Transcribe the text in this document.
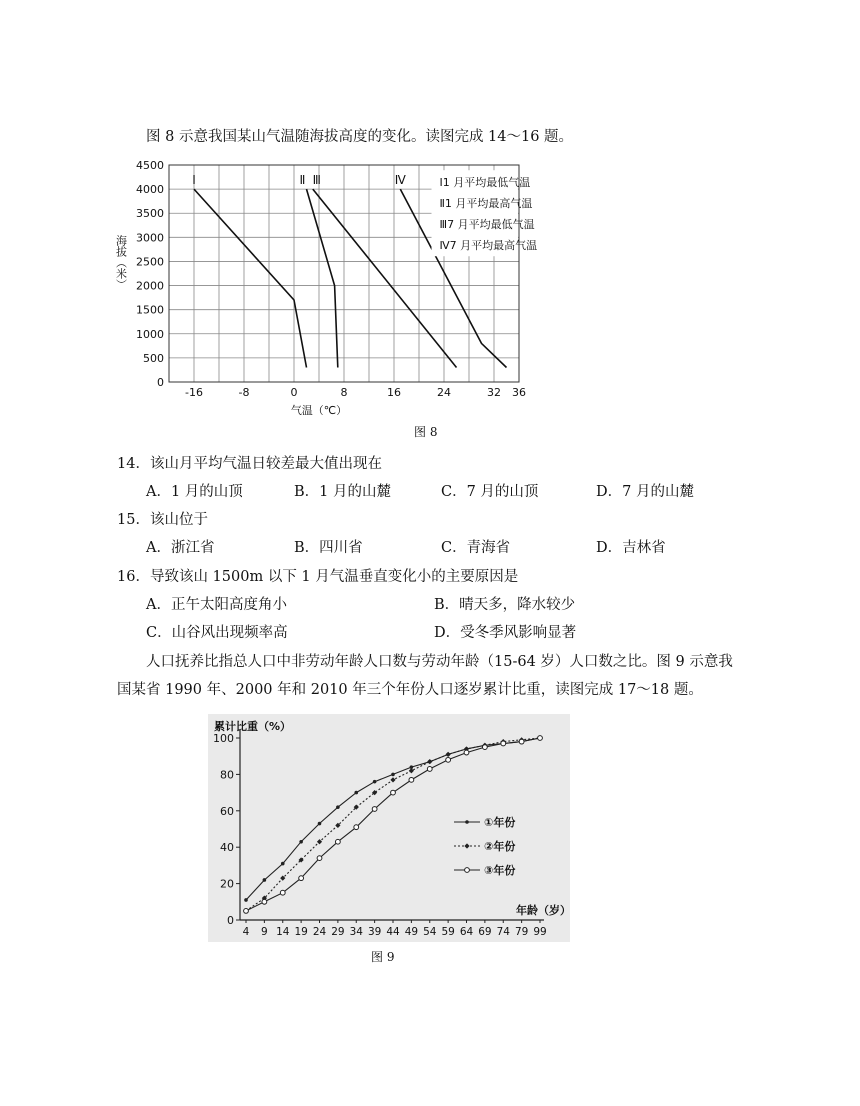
图 8 示意我国某山气温随海拔高度的变化。读图完成 14～16 题。
0
500
1000
1500
2000
2500
3000
3500
4000
4500
-16	-8	0	8	16	24	32 36
气温（℃）
海拔（米）
Ⅰ	Ⅱ Ⅲ	Ⅳ	Ⅰ1 月平均最低气温
Ⅱ1 月平均最高气温
Ⅲ7 月平均最低气温
Ⅳ7 月平均最高气温
图 8
14．该山月平均气温日较差最大值出现在
A．1 月的山顶	B．1 月的山麓	C．7 月的山顶	D．7 月的山麓
15．该山位于
A．浙江省	B．四川省	C．青海省	D．吉林省
16．导致该山 1500m 以下 1 月气温垂直变化小的主要原因是
A．正午太阳高度角小	B．晴天多，降水较少
C．山谷风出现频率高	D．受冬季风影响显著
人口抚养比指总人口中非劳动年龄人口数与劳动年龄（15-64 岁）人口数之比。图 9 示意我
国某省 1990 年、2000 年和 2010 年三个年份人口逐岁累计比重，读图完成 17～18 题。
0
20
40
60
80
100
4 9 14 19 24 29 34 39 44 49 54 59 64 69 74 79 99
累计比重（%）
年龄（岁）
①年份
②年份
③年份
图 9
